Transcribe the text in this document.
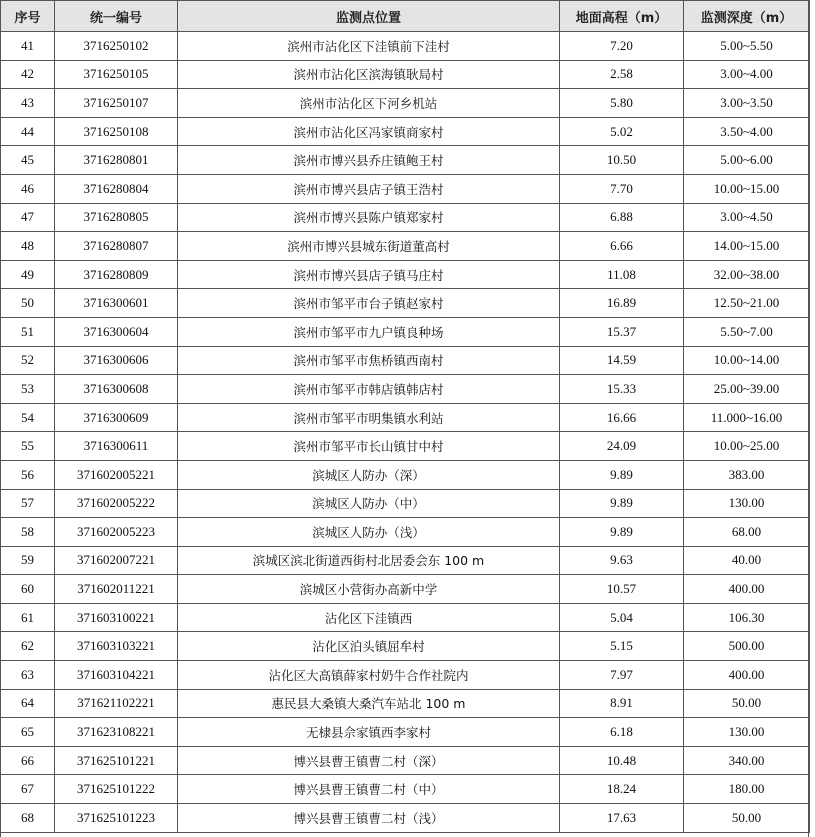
序号	统一编号	监测点位置	地面高程（m）	监测深度（m）
41	3716250102	滨州市沾化区下洼镇前下洼村	7.20	5.00~5.50
42	3716250105	滨州市沾化区滨海镇耿局村	2.58	3.00~4.00
43	3716250107	滨州市沾化区下河乡机站	5.80	3.00~3.50
44	3716250108	滨州市沾化区冯家镇商家村	5.02	3.50~4.00
45	3716280801	滨州市博兴县乔庄镇鲍王村	10.50	5.00~6.00
46	3716280804	滨州市博兴县店子镇王浩村	7.70	10.00~15.00
47	3716280805	滨州市博兴县陈户镇郑家村	6.88	3.00~4.50
48	3716280807	滨州市博兴县城东街道董高村	6.66	14.00~15.00
49	3716280809	滨州市博兴县店子镇马庄村	11.08	32.00~38.00
50	3716300601	滨州市邹平市台子镇赵家村	16.89	12.50~21.00
51	3716300604	滨州市邹平市九户镇良种场	15.37	5.50~7.00
52	3716300606	滨州市邹平市焦桥镇西南村	14.59	10.00~14.00
53	3716300608	滨州市邹平市韩店镇韩店村	15.33	25.00~39.00
54	3716300609	滨州市邹平市明集镇水利站	16.66	11.000~16.00
55	3716300611	滨州市邹平市长山镇甘中村	24.09	10.00~25.00
56	371602005221	滨城区人防办（深）	9.89	383.00
57	371602005222	滨城区人防办（中）	9.89	130.00
58	371602005223	滨城区人防办（浅）	9.89	68.00
59	371602007221	滨城区滨北街道西街村北居委会东 100 m	9.63	40.00
60	371602011221	滨城区小营街办高新中学	10.57	400.00
61	371603100221	沾化区下洼镇西	5.04	106.30
62	371603103221	沾化区泊头镇屈牟村	5.15	500.00
63	371603104221	沾化区大高镇薛家村奶牛合作社院内	7.97	400.00
64	371621102221	惠民县大桑镇大桑汽车站北 100 m	8.91	50.00
65	371623108221	无棣县佘家镇西李家村	6.18	130.00
66	371625101221	博兴县曹王镇曹二村（深）	10.48	340.00
67	371625101222	博兴县曹王镇曹二村（中）	18.24	180.00
68	371625101223	博兴县曹王镇曹二村（浅）	17.63	50.00
